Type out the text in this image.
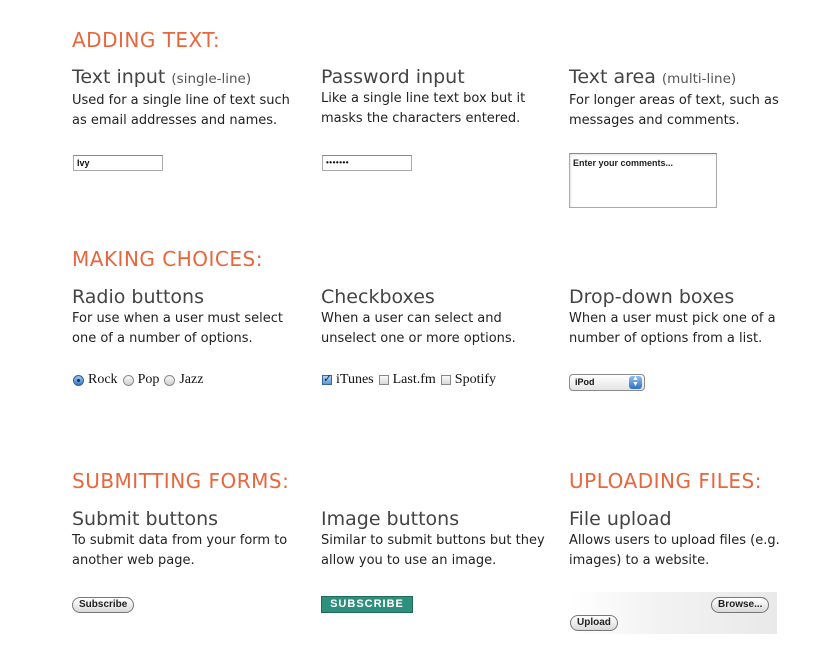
ADDING TEXT:
Text input (single-line)
Used for a single line of text such as email addresses and names.
Ivy
Password input
Like a single line text box but it masks the characters entered.
•••••••
Text area (multi-line)
For longer areas of text, such as messages and comments.
Enter your comments...
MAKING CHOICES:
Radio buttons
For use when a user must select one of a number of options.
Rock Pop Jazz
Checkboxes
When a user can select and unselect one or more options.
✓
iTunes Last.fm Spotify
Drop-down boxes
When a user must pick one of a number of options from a list.
iPod	▲
▼
SUBMITTING FORMS:	UPLOADING FILES:
Submit buttons
To submit data from your form to another web page.
Subscribe
Image buttons
Similar to submit buttons but they allow you to use an image.
SUBSCRIBE
File upload
Allows users to upload files (e.g. images) to a website.
Browse...
Upload
